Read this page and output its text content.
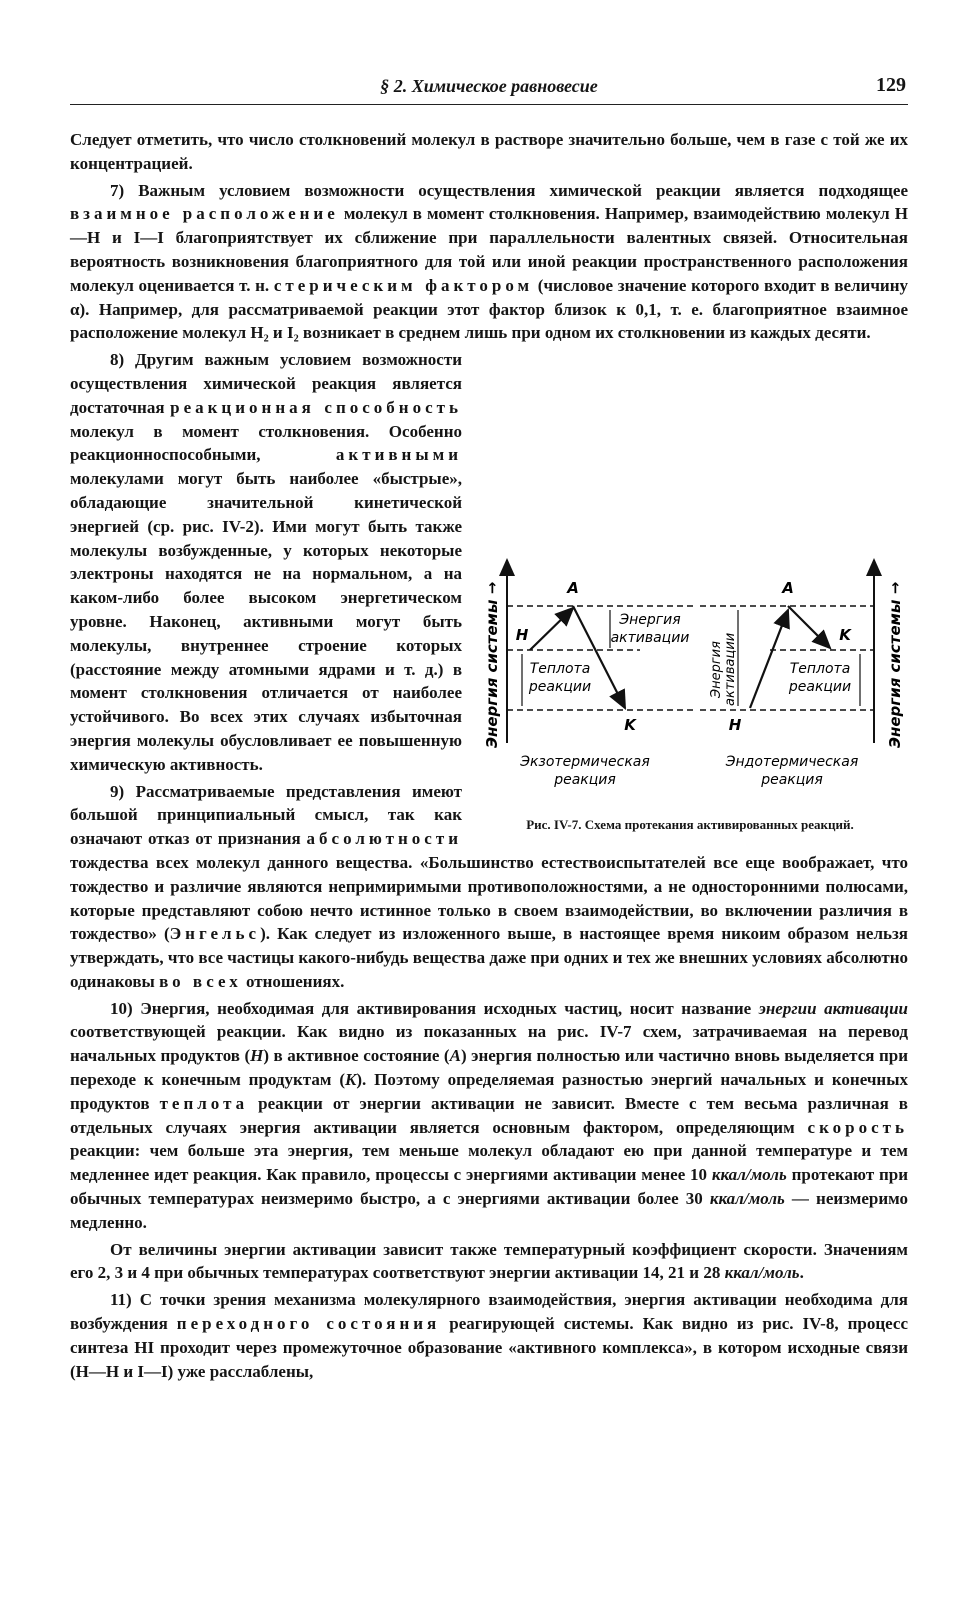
§ 2. Химическое равновесие	129

Следует отметить, что число столкновений молекул в растворе значительно больше, чем в газе с той же их концентрацией.

7) Важным условием возможности осуществления химической реакции является подходящее взаимное расположение молекул в момент столкновения. Например, взаимодействию молекул H—H и I—I благоприятствует их сближение при параллельности валентных связей. Относительная вероятность возникновения благоприятного для той или иной реакции пространственного расположения молекул оценивается т. н. стерическим фактором (числовое значение которого входит в величину α). Например, для рассматриваемой реакции этот фактор близок к 0,1, т. е. благоприятное взаимное расположение молекул H₂ и I₂ возникает в среднем лишь при одном их столкновении из каждых десяти.

8) Другим важным условием возможности осуществления химической реакция является достаточная реакционная способность молекул в момент столкновения. Особенно реакционноспособными, активными молекулами могут быть наиболее «быстрые», обладающие значительной кинетической энергией (ср. рис. IV-2). Ими могут быть также молекулы возбужденные, у которых некоторые электроны находятся не на нормальном, а на каком-либо более высоком энергетическом уровне. Наконец, активными могут быть молекулы, внутреннее строение которых (расстояние между атомными ядрами и т. д.) в момент столкновения отличается от наиболее устойчивого. Во всех этих случаях избыточная энергия молекулы обусловливает ее повышенную химическую активность.

9) Рассматриваемые представления имеют большой принципиальный смысл, так как означают отказ от признания абсолютности тождества всех молекул данного вещества. «Большинство естествоиспытателей все еще воображает, что тождество и различие являются непримиримыми противоположностями, а не односторонними полюсами, которые представляют собою нечто истинное только в своем взаимодействии, во включении различия в тождество» (Энгельс). Как следует из изложенного выше, в настоящее время никоим образом нельзя утверждать, что все частицы какого-нибудь вещества даже при одних и тех же внешних условиях абсолютно одинаковы во всех отношениях.

10) Энергия, необходимая для активирования исходных частиц, носит название энергии активации соответствующей реакции. Как видно из показанных на рис. IV-7 схем, затрачиваемая на перевод начальных продуктов (H) в активное состояние (A) энергия полностью или частично вновь выделяется при переходе к конечным продуктам (K). Поэтому определяемая разностью энергий начальных и конечных продуктов теплота реакции от энергии активации не зависит. Вместе с тем весьма различная в отдельных случаях энергия активации является основным фактором, определяющим скорость реакции: чем больше эта энергия, тем меньше молекул обладают ею при данной температуре и тем медленнее идет реакция. Как правило, процессы с энергиями активации менее 10 ккал/моль протекают при обычных температурах неизмеримо быстро, а с энергиями активации более 30 ккал/моль — неизмеримо медленно.

От величины энергии активации зависит также температурный коэффициент скорости. Значениям его 2, 3 и 4 при обычных температурах соответствуют энергии активации 14, 21 и 28 ккал/моль.

11) С точки зрения механизма молекулярного взаимодействия, энергия активации необходима для возбуждения переходного состояния реагирующей системы. Как видно из рис. IV-8, процесс синтеза HI проходит через промежуточное образование «активного комплекса», в котором исходные связи (H—H и I—I) уже расслаблены,

Энергия системы →	Энергия системы →
A
H
K
Энергия
активации
Теплота
реакции
Экзотермическая
реакция
A
H
K
Энергия активации	Теплота
реакции
Эндотермическая
реакция
Рис. IV-7. Схема протекания активированных реакций.
